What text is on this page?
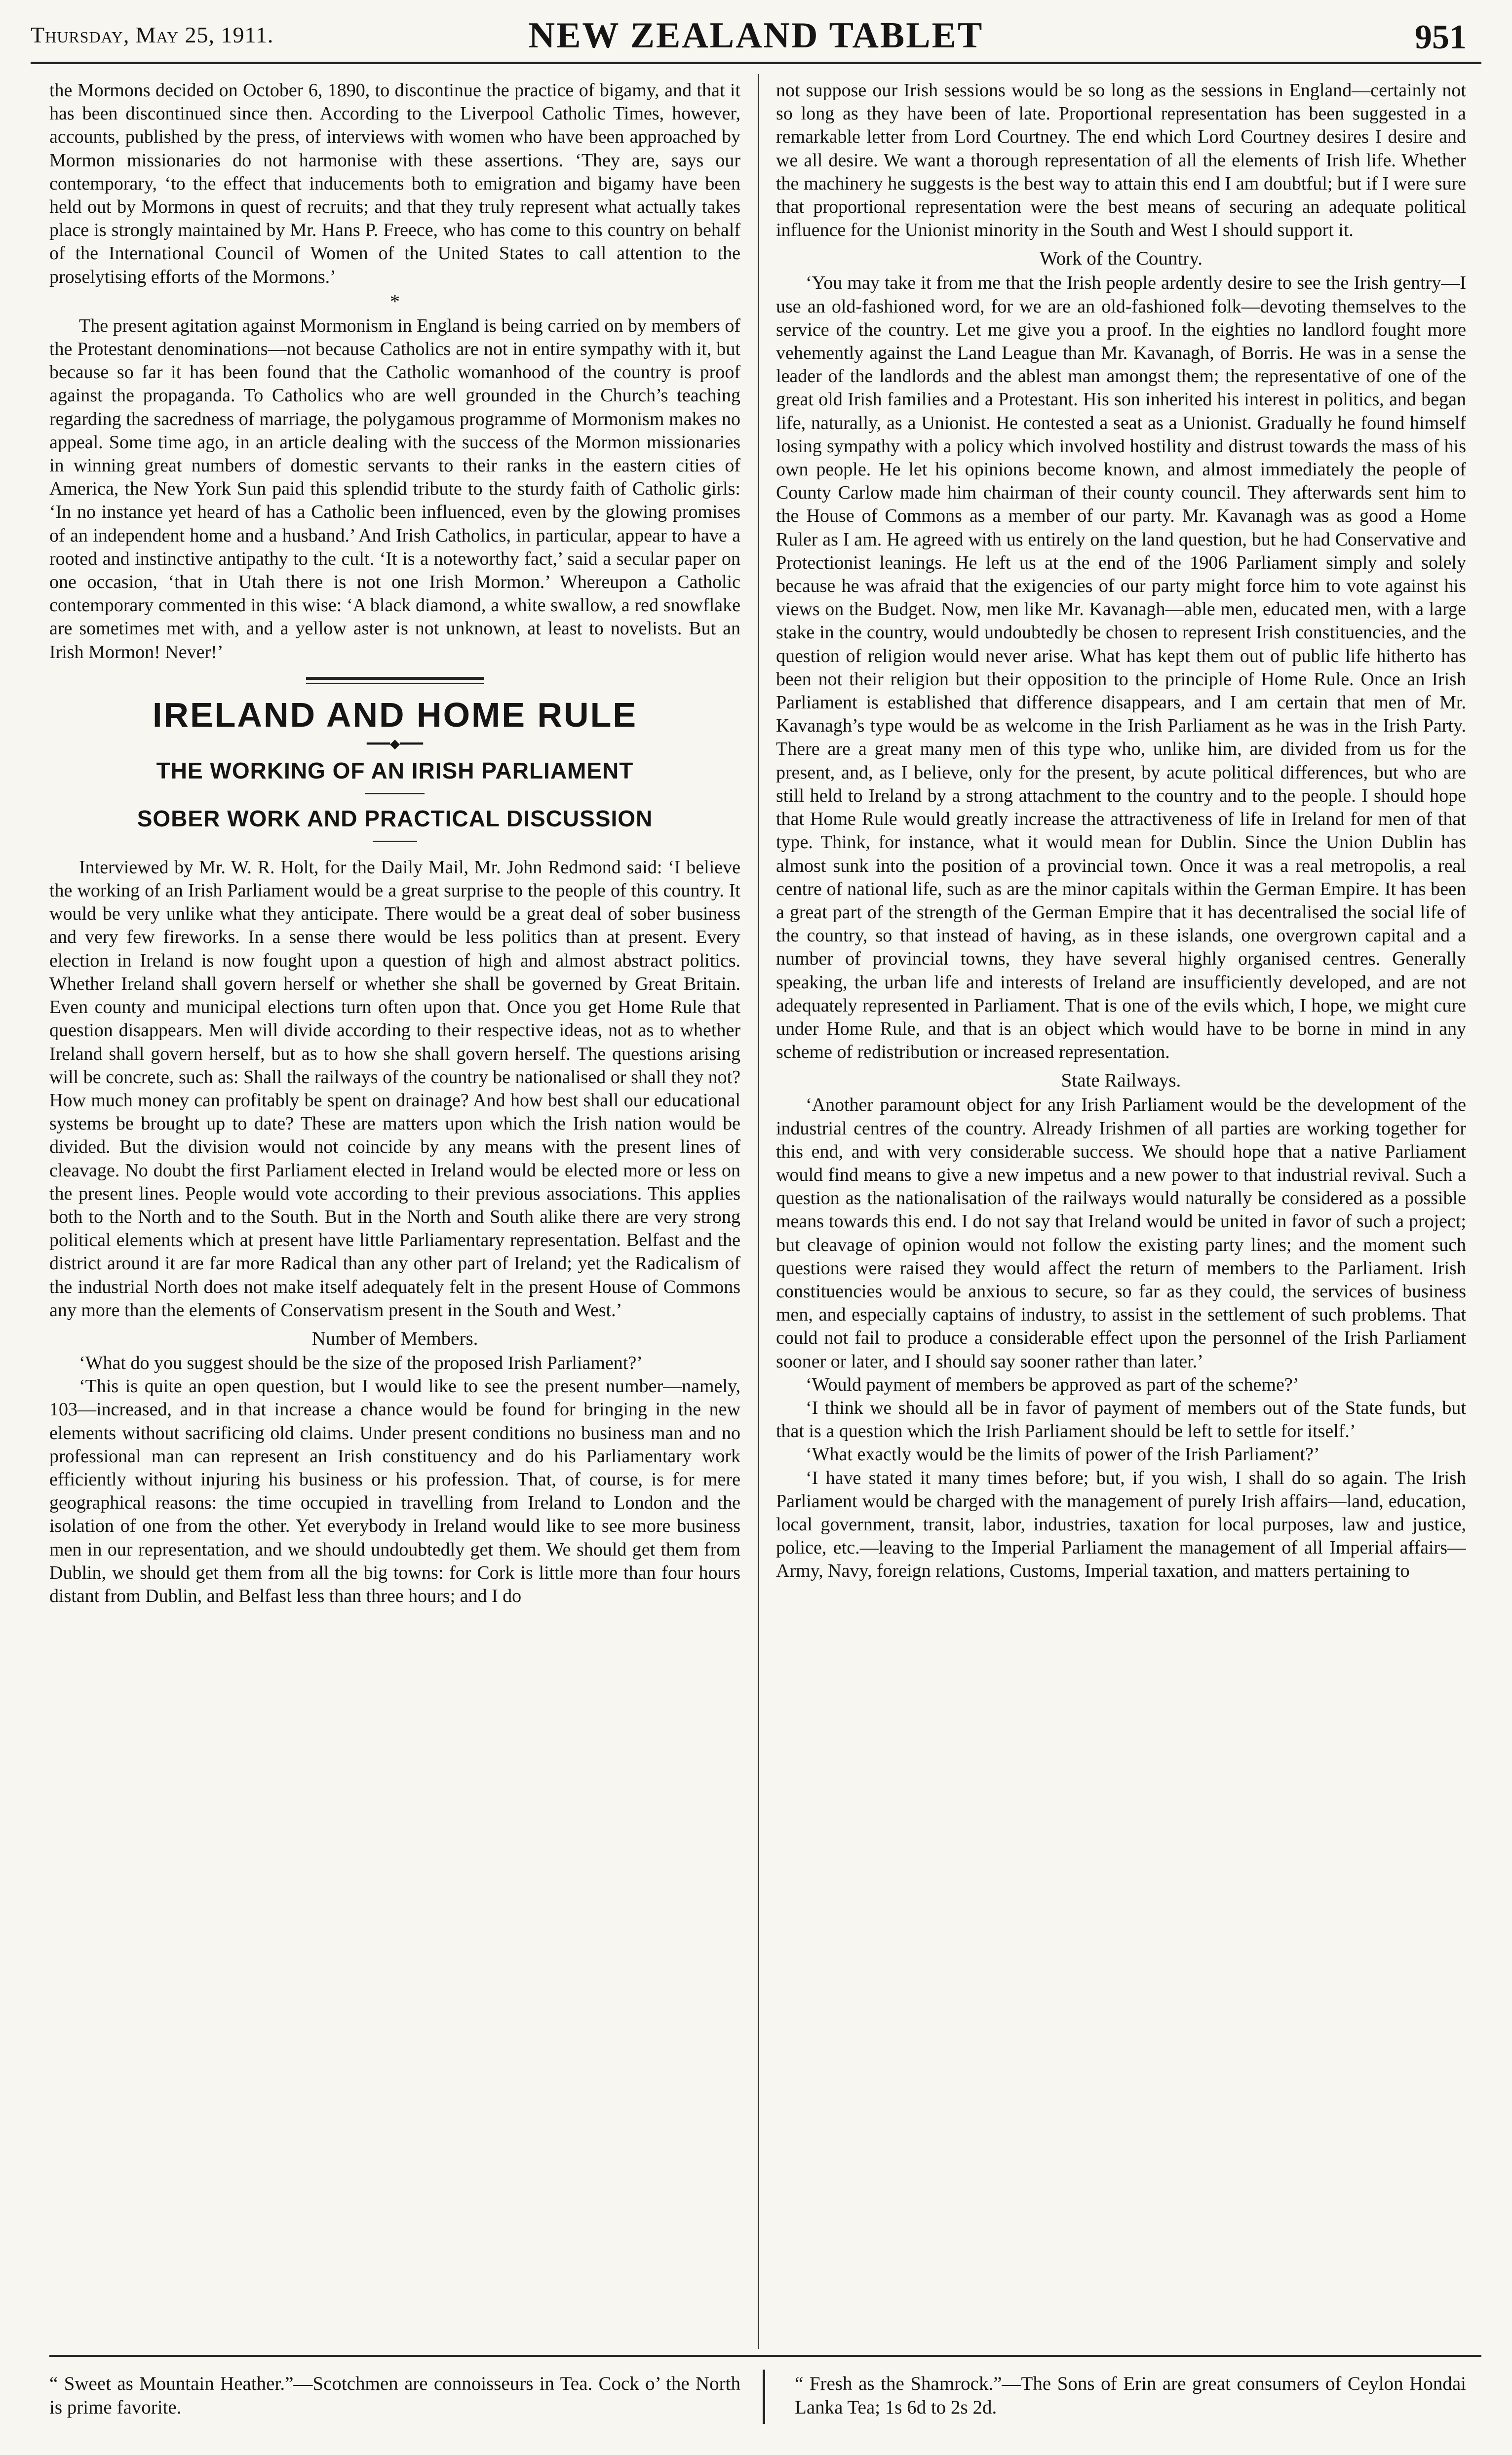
Thursday, May 25, 1911.	NEW ZEALAND TABLET	951

the Mormons decided on October 6, 1890, to discontinue the practice of bigamy, and that it has been discontinued since then. According to the Liverpool Catholic Times, however, accounts, published by the press, of interviews with women who have been approached by Mormon missionaries do not harmonise with these assertions. ‘They are, says our contemporary, ‘to the effect that inducements both to emigration and bigamy have been held out by Mormons in quest of recruits; and that they truly represent what actually takes place is strongly maintained by Mr. Hans P. Freece, who has come to this country on behalf of the International Council of Women of the United States to call attention to the proselytising efforts of the Mormons.’

*

The present agitation against Mormonism in England is being carried on by members of the Protestant denominations—not because Catholics are not in entire sympathy with it, but because so far it has been found that the Catholic womanhood of the country is proof against the propaganda. To Catholics who are well grounded in the Church’s teaching regarding the sacredness of marriage, the polygamous programme of Mormonism makes no appeal. Some time ago, in an article dealing with the success of the Mormon missionaries in winning great numbers of domestic servants to their ranks in the eastern cities of America, the New York Sun paid this splendid tribute to the sturdy faith of Catholic girls: ‘In no instance yet heard of has a Catholic been influenced, even by the glowing promises of an independent home and a husband.’ And Irish Catholics, in particular, appear to have a rooted and instinctive antipathy to the cult. ‘It is a noteworthy fact,’ said a secular paper on one occasion, ‘that in Utah there is not one Irish Mormon.’ Whereupon a Catholic contemporary commented in this wise: ‘A black diamond, a white swallow, a red snowflake are sometimes met with, and a yellow aster is not unknown, at least to novelists. But an Irish Mormon! Never!’

IRELAND AND HOME RULE
━━━◆━━━
THE WORKING OF AN IRISH PARLIAMENT
SOBER WORK AND PRACTICAL DISCUSSION

Interviewed by Mr. W. R. Holt, for the Daily Mail, Mr. John Redmond said: ‘I believe the working of an Irish Parliament would be a great surprise to the people of this country. It would be very unlike what they anticipate. There would be a great deal of sober business and very few fireworks. In a sense there would be less politics than at present. Every election in Ireland is now fought upon a question of high and almost abstract politics. Whether Ireland shall govern herself or whether she shall be governed by Great Britain. Even county and municipal elections turn often upon that. Once you get Home Rule that question disappears. Men will divide according to their respective ideas, not as to whether Ireland shall govern herself, but as to how she shall govern herself. The questions arising will be concrete, such as: Shall the railways of the country be nationalised or shall they not? How much money can profitably be spent on drainage? And how best shall our educational systems be brought up to date? These are matters upon which the Irish nation would be divided. But the division would not coincide by any means with the present lines of cleavage. No doubt the first Parliament elected in Ireland would be elected more or less on the present lines. People would vote according to their previous associations. This applies both to the North and to the South. But in the North and South alike there are very strong political elements which at present have little Parliamentary representation. Belfast and the district around it are far more Radical than any other part of Ireland; yet the Radicalism of the industrial North does not make itself adequately felt in the present House of Commons any more than the elements of Conservatism present in the South and West.’

Number of Members.

‘What do you suggest should be the size of the proposed Irish Parliament?’

‘This is quite an open question, but I would like to see the present number—namely, 103—increased, and in that increase a chance would be found for bringing in the new elements without sacrificing old claims. Under present conditions no business man and no professional man can represent an Irish constituency and do his Parliamentary work efficiently without injuring his business or his profession. That, of course, is for mere geographical reasons: the time occupied in travelling from Ireland to London and the isolation of one from the other. Yet everybody in Ireland would like to see more business men in our representation, and we should undoubtedly get them. We should get them from Dublin, we should get them from all the big towns: for Cork is little more than four hours distant from Dublin, and Belfast less than three hours; and I do

not suppose our Irish sessions would be so long as the sessions in England—certainly not so long as they have been of late. Proportional representation has been suggested in a remarkable letter from Lord Courtney. The end which Lord Courtney desires I desire and we all desire. We want a thorough representation of all the elements of Irish life. Whether the machinery he suggests is the best way to attain this end I am doubtful; but if I were sure that proportional representation were the best means of securing an adequate political influence for the Unionist minority in the South and West I should support it.

Work of the Country.

‘You may take it from me that the Irish people ardently desire to see the Irish gentry—I use an old-fashioned word, for we are an old-fashioned folk—devoting themselves to the service of the country. Let me give you a proof. In the eighties no landlord fought more vehemently against the Land League than Mr. Kavanagh, of Borris. He was in a sense the leader of the landlords and the ablest man amongst them; the representative of one of the great old Irish families and a Protestant. His son inherited his interest in politics, and began life, naturally, as a Unionist. He contested a seat as a Unionist. Gradually he found himself losing sympathy with a policy which involved hostility and distrust towards the mass of his own people. He let his opinions become known, and almost immediately the people of County Carlow made him chairman of their county council. They afterwards sent him to the House of Commons as a member of our party. Mr. Kavanagh was as good a Home Ruler as I am. He agreed with us entirely on the land question, but he had Conservative and Protectionist leanings. He left us at the end of the 1906 Parliament simply and solely because he was afraid that the exigencies of our party might force him to vote against his views on the Budget. Now, men like Mr. Kavanagh—able men, educated men, with a large stake in the country, would undoubtedly be chosen to represent Irish constituencies, and the question of religion would never arise. What has kept them out of public life hitherto has been not their religion but their opposition to the principle of Home Rule. Once an Irish Parliament is established that difference disappears, and I am certain that men of Mr. Kavanagh’s type would be as welcome in the Irish Parliament as he was in the Irish Party. There are a great many men of this type who, unlike him, are divided from us for the present, and, as I believe, only for the present, by acute political differences, but who are still held to Ireland by a strong attachment to the country and to the people. I should hope that Home Rule would greatly increase the attractiveness of life in Ireland for men of that type. Think, for instance, what it would mean for Dublin. Since the Union Dublin has almost sunk into the position of a provincial town. Once it was a real metropolis, a real centre of national life, such as are the minor capitals within the German Empire. It has been a great part of the strength of the German Empire that it has decentralised the social life of the country, so that instead of having, as in these islands, one overgrown capital and a number of provincial towns, they have several highly organised centres. Generally speaking, the urban life and interests of Ireland are insufficiently developed, and are not adequately represented in Parliament. That is one of the evils which, I hope, we might cure under Home Rule, and that is an object which would have to be borne in mind in any scheme of redistribution or increased representation.

State Railways.

‘Another paramount object for any Irish Parliament would be the development of the industrial centres of the country. Already Irishmen of all parties are working together for this end, and with very considerable success. We should hope that a native Parliament would find means to give a new impetus and a new power to that industrial revival. Such a question as the nationalisation of the railways would naturally be considered as a possible means towards this end. I do not say that Ireland would be united in favor of such a project; but cleavage of opinion would not follow the existing party lines; and the moment such questions were raised they would affect the return of members to the Parliament. Irish constituencies would be anxious to secure, so far as they could, the services of business men, and especially captains of industry, to assist in the settlement of such problems. That could not fail to produce a considerable effect upon the personnel of the Irish Parliament sooner or later, and I should say sooner rather than later.’

‘Would payment of members be approved as part of the scheme?’

‘I think we should all be in favor of payment of members out of the State funds, but that is a question which the Irish Parliament should be left to settle for itself.’

‘What exactly would be the limits of power of the Irish Parliament?’

‘I have stated it many times before; but, if you wish, I shall do so again. The Irish Parliament would be charged with the management of purely Irish affairs—land, education, local government, transit, labor, industries, taxation for local purposes, law and justice, police, etc.—leaving to the Imperial Parliament the management of all Imperial affairs—Army, Navy, foreign relations, Customs, Imperial taxation, and matters pertaining to

“ Sweet as Mountain Heather.”—Scotchmen are connoisseurs in Tea. Cock o’ the North is prime favorite.
“ Fresh as the Shamrock.”—The Sons of Erin are great consumers of Ceylon Hondai Lanka Tea; 1s 6d to 2s 2d.
